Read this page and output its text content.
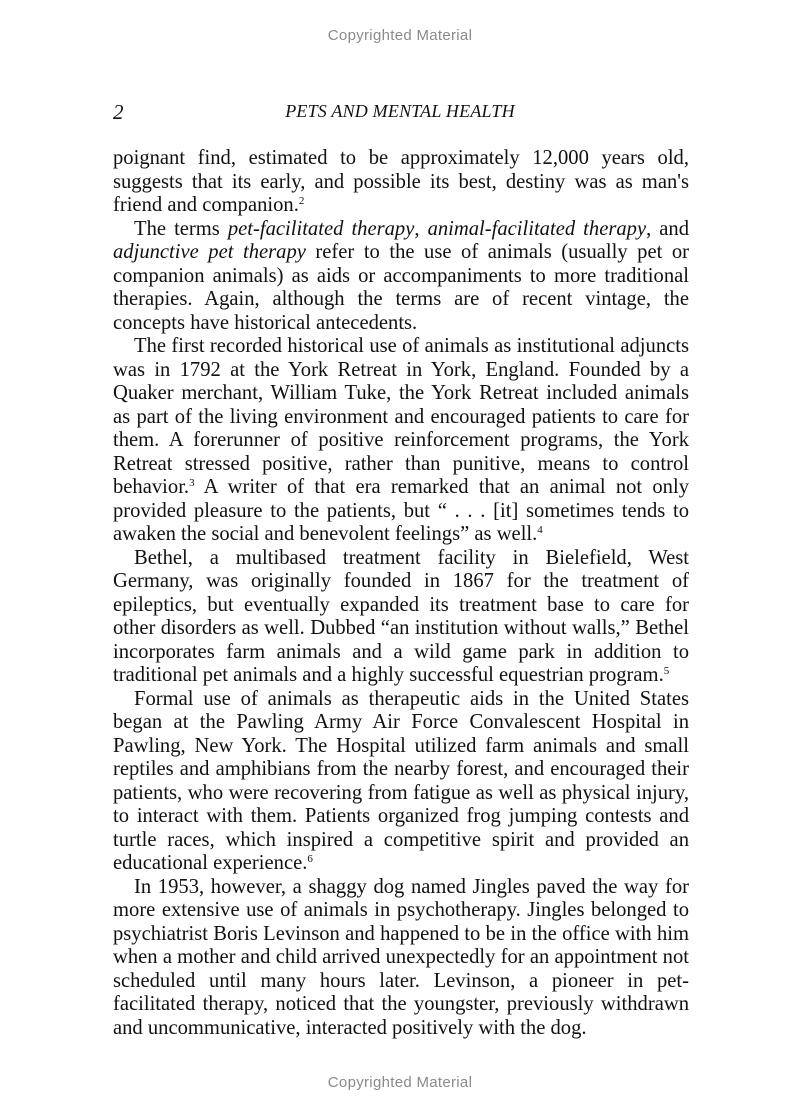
Copyrighted Material
2	PETS AND MENTAL HEALTH

poignant find, estimated to be approximately 12,000 years old, suggests that its early, and possible its best, destiny was as man's friend and companion.$^2$

The terms pet-facilitated therapy, animal-facilitated therapy, and adjunctive pet therapy refer to the use of animals (usually pet or companion animals) as aids or accompaniments to more traditional therapies. Again, although the terms are of recent vintage, the concepts have historical antecedents.

The first recorded historical use of animals as institutional adjuncts was in 1792 at the York Retreat in York, England. Founded by a Quaker merchant, William Tuke, the York Retreat included animals as part of the living environment and encouraged patients to care for them. A forerunner of positive reinforcement programs, the York Retreat stressed positive, rather than punitive, means to control behavior.$^3$ A writer of that era remarked that an animal not only provided pleasure to the patients, but “ . . . [it] sometimes tends to awaken the social and benevolent feelings” as well.$^4$

Bethel, a multibased treatment facility in Bielefield, West Germany, was originally founded in 1867 for the treatment of epileptics, but eventually expanded its treatment base to care for other disorders as well. Dubbed “an institution without walls,” Bethel incorporates farm animals and a wild game park in addition to traditional pet animals and a highly successful equestrian program.$^5$

Formal use of animals as therapeutic aids in the United States began at the Pawling Army Air Force Convalescent Hospital in Pawling, New York. The Hospital utilized farm animals and small reptiles and amphibians from the nearby forest, and encouraged their patients, who were recovering from fatigue as well as physical injury, to interact with them. Patients organized frog jumping contests and turtle races, which inspired a competitive spirit and provided an educational experience.$^6$

In 1953, however, a shaggy dog named Jingles paved the way for more extensive use of animals in psychotherapy. Jingles belonged to psychiatrist Boris Levinson and happened to be in the office with him when a mother and child arrived unexpectedly for an appointment not scheduled until many hours later. Levinson, a pioneer in pet-facilitated therapy, noticed that the youngster, previously withdrawn and uncommunicative, interacted positively with the dog.

Copyrighted Material
